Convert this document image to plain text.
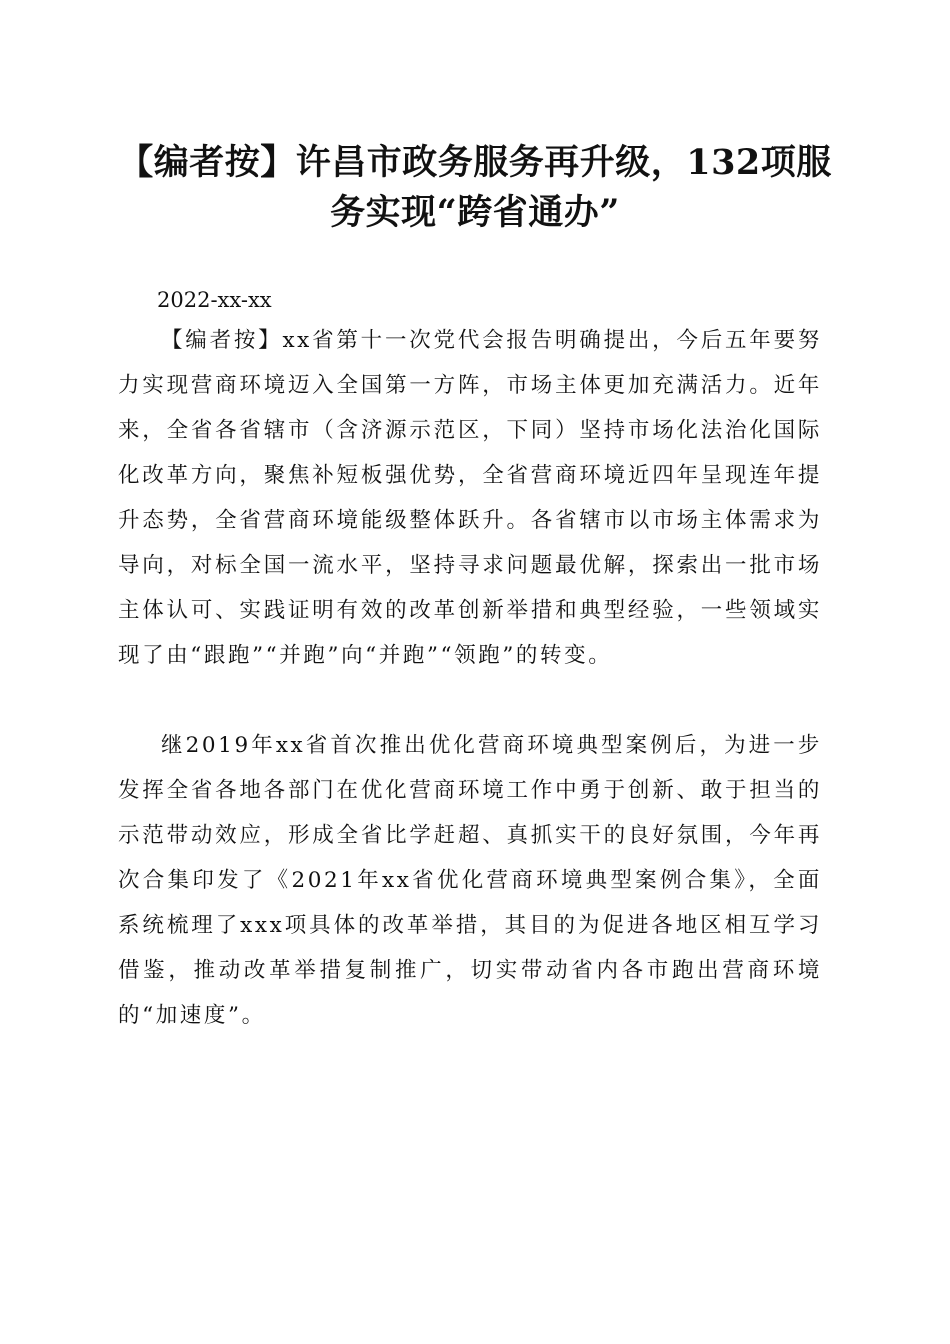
【编者按】许昌市政务服务再升级，132项服务实现“跨省通办”

2022-xx-xx

【编者按】xx省第十一次党代会报告明确提出，今后五年要努力实现营商环境迈入全国第一方阵，市场主体更加充满活力。近年来，全省各省辖市（含济源示范区，下同）坚持市场化法治化国际化改革方向，聚焦补短板强优势，全省营商环境近四年呈现连年提升态势，全省营商环境能级整体跃升。各省辖市以市场主体需求为导向，对标全国一流水平，坚持寻求问题最优解，探索出一批市场主体认可、实践证明有效的改革创新举措和典型经验，一些领域实现了由“跟跑”“并跑”向“并跑”“领跑”的转变。

继2019年xx省首次推出优化营商环境典型案例后，为进一步发挥全省各地各部门在优化营商环境工作中勇于创新、敢于担当的示范带动效应，形成全省比学赶超、真抓实干的良好氛围，今年再次合集印发了《2021年xx省优化营商环境典型案例合集》，全面系统梳理了xxx项具体的改革举措，其目的为促进各地区相互学习借鉴，推动改革举措复制推广，切实带动省内各市跑出营商环境的“加速度”。
